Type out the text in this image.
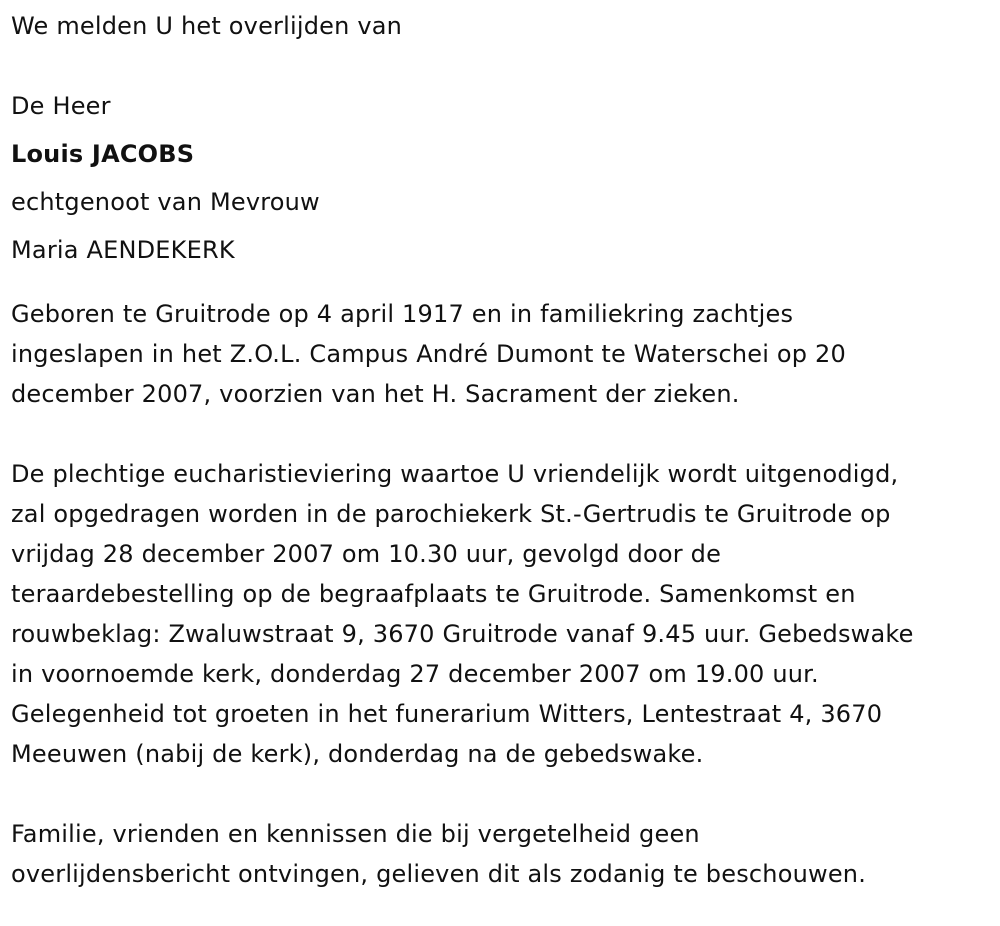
We melden U het overlijden van
De Heer
Louis JACOBS
echtgenoot van Mevrouw
Maria AENDEKERK
Geboren te Gruitrode op 4 april 1917 en in familiekring zachtjes
ingeslapen in het Z.O.L. Campus André Dumont te Waterschei op 20
december 2007, voorzien van het H. Sacrament der zieken.
De plechtige eucharistieviering waartoe U vriendelijk wordt uitgenodigd,
zal opgedragen worden in de parochiekerk St.-Gertrudis te Gruitrode op
vrijdag 28 december 2007 om 10.30 uur, gevolgd door de
teraardebestelling op de begraafplaats te Gruitrode. Samenkomst en
rouwbeklag: Zwaluwstraat 9, 3670 Gruitrode vanaf 9.45 uur. Gebedswake
in voornoemde kerk, donderdag 27 december 2007 om 19.00 uur.
Gelegenheid tot groeten in het funerarium Witters, Lentestraat 4, 3670
Meeuwen (nabij de kerk), donderdag na de gebedswake.
Familie, vrienden en kennissen die bij vergetelheid geen
overlijdensbericht ontvingen, gelieven dit als zodanig te beschouwen.
